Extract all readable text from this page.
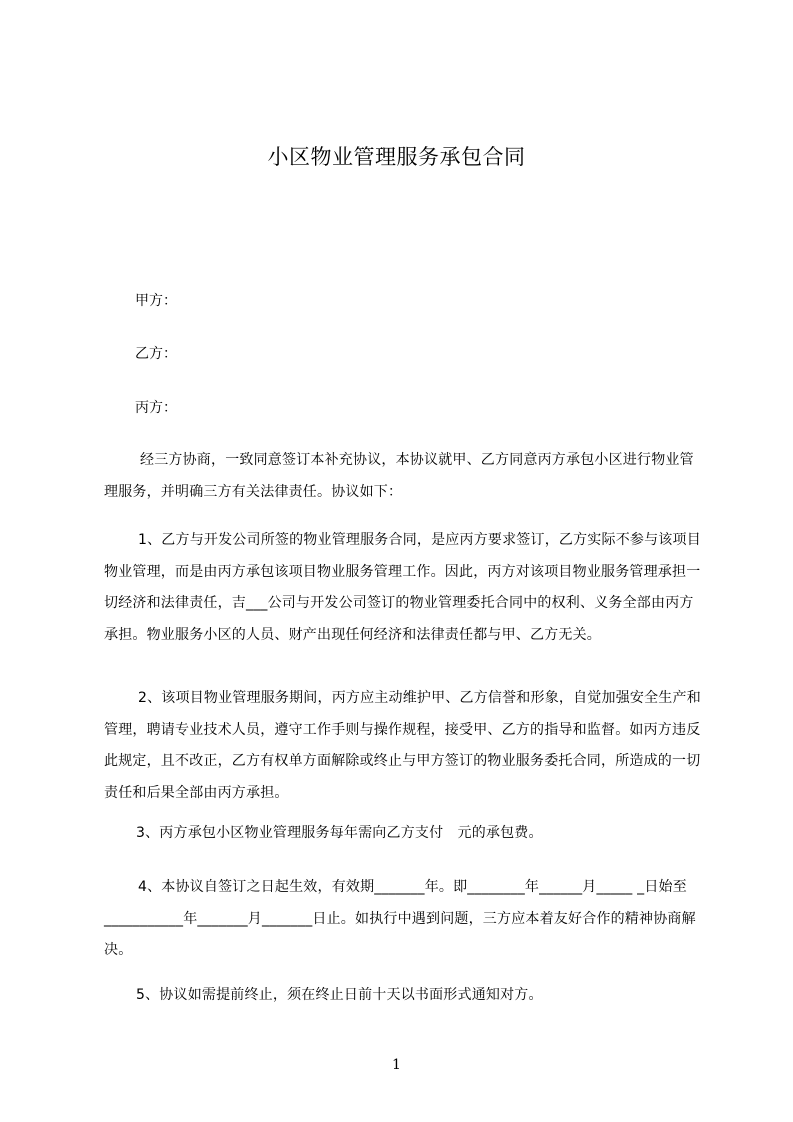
小区物业管理服务承包合同
甲方：
乙方：
丙方：
经三方协商，一致同意签订本补充协议，本协议就甲、乙方同意丙方承包小区进行物业管理服务，并明确三方有关法律责任。协议如下：
1、乙方与开发公司所签的物业管理服务合同，是应丙方要求签订，乙方实际不参与该项目物业管理，而是由丙方承包该项目物业服务管理工作。因此，丙方对该项目物业服务管理承担一切经济和法律责任，吉___公司与开发公司签订的物业管理委托合同中的权利、义务全部由丙方承担。物业服务小区的人员、财产出现任何经济和法律责任都与甲、乙方无关。
2、该项目物业管理服务期间，丙方应主动维护甲、乙方信誉和形象，自觉加强安全生产和管理，聘请专业技术人员，遵守工作手则与操作规程，接受甲、乙方的指导和监督。如丙方违反此规定，且不改正，乙方有权单方面解除或终止与甲方签订的物业服务委托合同，所造成的一切责任和后果全部由丙方承担。
3、丙方承包小区物业管理服务每年需向乙方支付　元的承包费。
4、本协议自签订之日起生效，有效期_______年。即________年______月_____ _日始至___________年_______月_______日止。如执行中遇到问题，三方应本着友好合作的精神协商解决。
5、协议如需提前终止，须在终止日前十天以书面形式通知对方。
1
